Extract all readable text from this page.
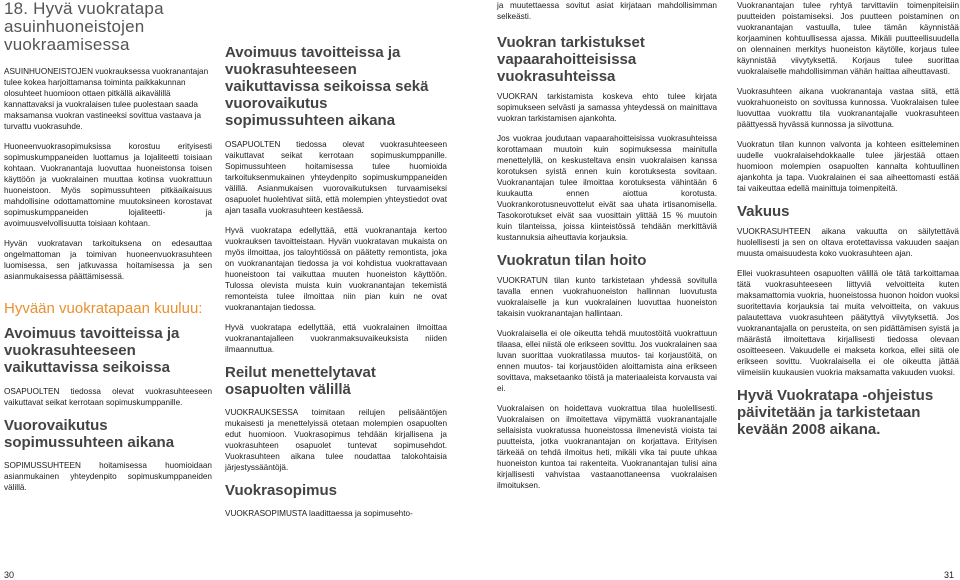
18. Hyvä vuokratapa asuinhuoneistojen vuokraamisessa

ASUINHUONEISTOJEN vuokrauksessa vuokranantajan tulee kokea harjoittamansa toiminta paikkakunnan olosuhteet huomioon ottaen pitkällä aikavälillä kannattavaksi ja vuokralaisen tulee puolestaan saada maksamansa vuokran vastineeksi sovittua vastaava ja turvattu vuokrasuhde.

Huoneenvuokrasopimuksissa korostuu erityisesti sopimuskumppaneiden luottamus ja lojaliteetti toisiaan kohtaan. Vuokranantaja luovuttaa huoneistonsa toisen käyttöön ja vuokralainen muuttaa kotinsa vuokrattuun huoneistoon. Myös sopimussuhteen pitkäaikaisuus mahdollisine odottamattomine muutoksineen korostavat sopimuskumppaneiden lojaliteetti- ja avoimuusvelvollisuutta toisiaan kohtaan.

Hyvän vuokratavan tarkoituksena on edesauttaa ongelmattoman ja toimivan huoneenvuokrasuhteen luomisessa, sen jatkuvassa hoitamisessa ja sen asianmukaisessa päättämisessä.

Hyvään vuokratapaan kuuluu:
Avoimuus tavoitteissa ja vuokrasuhteeseen vaikuttavissa seikoissa

OSAPUOLTEN tiedossa olevat vuokrasuhteeseen vaikuttavat seikat kerrotaan sopimuskumppanille.

Vuorovaikutus sopimussuhteen aikana

SOPIMUSSUHTEEN hoitamisessa huomioidaan asianmukainen yhteydenpito sopimuskumppaneiden välillä.

Avoimuus tavoitteissa ja vuokrasuhteeseen vaikuttavissa seikoissa sekä vuorovaikutus sopimussuhteen aikana

OSAPUOLTEN tiedossa olevat vuokrasuhteeseen vaikuttavat seikat kerrotaan sopimuskumppanille. Sopimussuhteen hoitamisessa tulee huomioida tarkoituksenmukainen yhteydenpito sopimuskumppaneiden välillä. Asianmukaisen vuorovaikutuksen turvaamiseksi osapuolet huolehtivat siitä, että molempien yhteystiedot ovat ajan tasalla vuokrasuhteen kestäessä.

Hyvä vuokratapa edellyttää, että vuokranantaja kertoo vuokrauksen tavoitteistaan. Hyvän vuokratavan mukaista on myös ilmoittaa, jos taloyhtiössä on päätetty remontista, joka on vuokranantajan tiedossa ja voi kohdistua vuokrattavaan huoneistoon tai vaikuttaa muuten huoneiston käyttöön. Tulossa olevista muista kuin vuokranantajan tekemistä remonteista tulee ilmoittaa niin pian kuin ne ovat vuokranantajan tiedossa.

Hyvä vuokratapa edellyttää, että vuokralainen ilmoittaa vuokranantajalleen vuokranmaksuvaikeuksista niiden ilmaannuttua.

Reilut menettelytavat osapuolten välillä

VUOKRAUKSESSA toimitaan reilujen pelisääntöjen mukaisesti ja menettelyissä otetaan molempien osapuolten edut huomioon. Vuokrasopimus tehdään kirjallisena ja vuokrasuhteen osapuolet tuntevat sopimusehdot. Vuokrasuhteen aikana tulee noudattaa talokohtaisia järjestyssääntöjä.

Vuokrasopimus

VUOKRASOPIMUSTA laadittaessa ja sopimusehto-

ja muutettaessa sovitut asiat kirjataan mahdollisimman selkeästi.

Vuokran tarkistukset vapaarahoitteisissa vuokrasuhteissa

VUOKRAN tarkistamista koskeva ehto tulee kirjata sopimukseen selvästi ja samassa yhteydessä on mainittava vuokran tarkistamisen ajankohta.

Jos vuokraa joudutaan vapaarahoitteisissa vuokrasuhteissa korottamaan muutoin kuin sopimuksessa mainitulla menettelyllä, on keskusteltava ensin vuokralaisen kanssa korotuksen syistä ennen kuin korotuksesta sovitaan. Vuokranantajan tulee ilmoittaa korotuksesta vähintään 6 kuukautta ennen aiottua korotusta. Vuokrankorotusneuvottelut eivät saa uhata irtisanomisella. Tasokorotukset eivät saa vuosittain ylittää 15 % muutoin kuin tilanteissa, joissa kiinteistössä tehdään merkittäviä kustannuksia aiheuttavia korjauksia.

Vuokratun tilan hoito

VUOKRATUN tilan kunto tarkistetaan yhdessä sovitulla tavalla ennen vuokrahuoneiston hallinnan luovutusta vuokralaiselle ja kun vuokralainen luovuttaa huoneiston takaisin vuokranantajan hallintaan.

Vuokralaisella ei ole oikeutta tehdä muutostöitä vuokrattuun tilaasa, ellei niistä ole erikseen sovittu. Jos vuokralainen saa luvan suorittaa vuokratilassa muutos- tai korjaustöitä, on ennen muutos- tai korjaustöiden aloittamista aina erikseen sovittava, maksetaanko töistä ja materiaaleista korvausta vai ei.

Vuokralaisen on hoidettava vuokrattua tilaa huolellisesti. Vuokralaisen on ilmoitettava viipymättä vuokranantajalle sellaisista vuokratussa huoneistossa ilmenevistä vioista tai puutteista, jotka vuokranantajan on korjattava. Erityisen tärkeää on tehdä ilmoitus heti, mikäli vika tai puute uhkaa huoneiston kuntoa tai rakenteita. Vuokranantajan tulisi aina kirjallisesti vahvistaa vastaanottaneensa vuokralaisen ilmoituksen.

Vuokranantajan tulee ryhtyä tarvittaviin toimenpiteisiin puutteiden poistamiseksi. Jos puutteen poistaminen on vuokranantajan vastuulla, tulee tämän käynnistää korjaaminen kohtuullisessa ajassa. Mikäli puutteellisuudella on olennainen merkitys huoneiston käytölle, korjaus tulee käynnistää viivytyksettä. Korjaus tulee suorittaa vuokralaiselle mahdollisimman vähän haittaa aiheuttavasti.

Vuokrasuhteen aikana vuokranantaja vastaa siitä, että vuokrahuoneisto on sovitussa kunnossa. Vuokralaisen tulee luovuttaa vuokrattu tila vuokranantajalle vuokrasuhteen päättyessä hyvässä kunnossa ja siivottuna.

Vuokratun tilan kunnon valvonta ja kohteen esitteleminen uudelle vuokralaisehdokkaalle tulee järjestää ottaen huomioon molempien osapuolten kannalta kohtuullinen ajankohta ja tapa. Vuokralainen ei saa aiheettomasti estää tai vaikeuttaa edellä mainittuja toimenpiteitä.

Vakuus

VUOKRASUHTEEN aikana vakuutta on säilytettävä huolellisesti ja sen on oltava erotettavissa vakuuden saajan muusta omaisuudesta koko vuokrasuhteen ajan.

Ellei vuokrasuhteen osapuolten välillä ole tätä tarkoittamaa tätä vuokrasuhteeseen liittyviä velvoitteita kuten maksamattomia vuokria, huoneistossa huonon hoidon vuoksi suoritettavia korjauksia tai muita velvoitteita, on vakuus palautettava vuokrasuhteen päätyttyä viivytyksettä. Jos vuokranantajalla on perusteita, on sen pidättämisen syistä ja määrästä ilmoitettava kirjallisesti tiedossa olevaan osoitteeseen. Vakuudelle ei makseta korkoa, ellei siitä ole erikseen sovittu. Vuokralaisella ei ole oikeutta jättää viimeisiin kuukausien vuokria maksamatta vakuuden vuoksi.

Hyvä Vuokratapa -ohjeistus päivitetään ja tarkistetaan kevään 2008 aikana.
30	31
